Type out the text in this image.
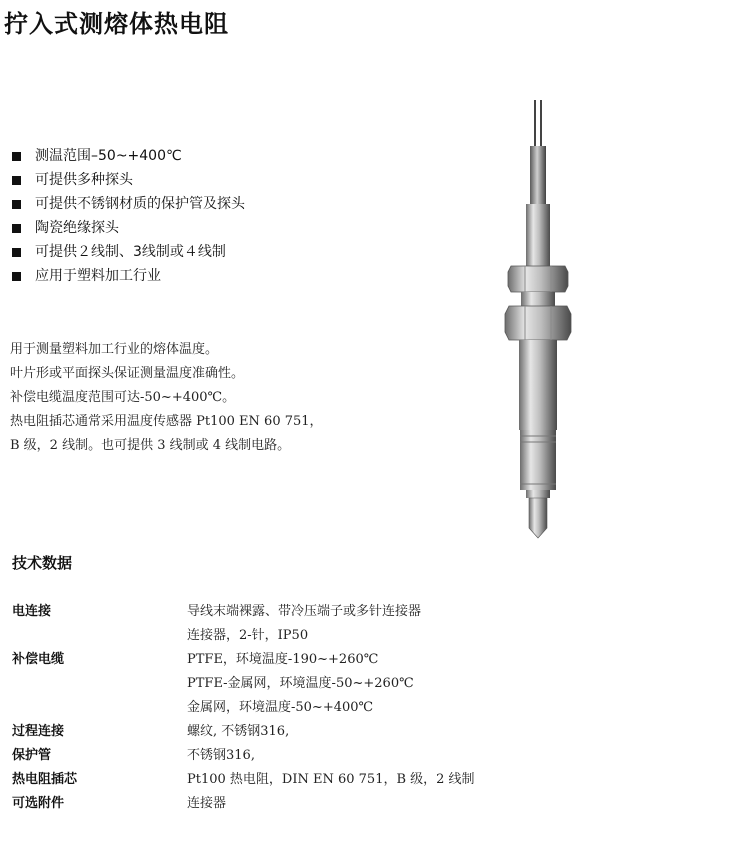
拧入式测熔体热电阻
测温范围–50~+400℃
可提供多种探头
可提供不锈钢材质的保护管及探头
陶瓷绝缘探头
可提供２线制、3线制或４线制
应用于塑料加工行业

用于测量塑料加工行业的熔体温度。

叶片形或平面探头保证测量温度准确性。

补偿电缆温度范围可达-50~+400℃。

热电阻插芯通常采用温度传感器 Pt100 EN 60 751，

B 级，2 线制。也可提供 3 线制或 4 线制电路。

技术数据
电连接	导线末端裸露、带冷压端子或多针连接器
连接器，2-针，IP50
补偿电缆	PTFE，环境温度-190~+260℃
PTFE-金属网，环境温度-50~+260℃
金属网，环境温度-50~+400℃
过程连接	螺纹, 不锈钢316,
保护管	不锈钢316,
热电阻插芯	Pt100 热电阻，DIN EN 60 751，B 级，2 线制
可选附件	连接器
